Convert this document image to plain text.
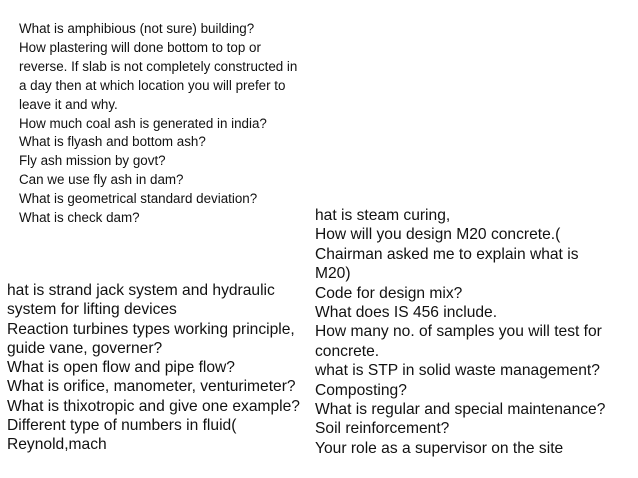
What is amphibious (not sure) building?
How plastering will done bottom to top or
reverse. If slab is not completely constructed in
a day then at which location you will prefer to
leave it and why.
How much coal ash is generated in india?
What is flyash and bottom ash?
Fly ash mission by govt?
Can we use fly ash in dam?
What is geometrical standard deviation?
What is check dam?
hat is strand jack system and hydraulic
system for lifting devices
Reaction turbines types working principle,
guide vane, governer?
What is open flow and pipe flow?
What is orifice, manometer, venturimeter?
What is thixotropic and give one example?
Different type of numbers in fluid(
Reynold,mach
hat is steam curing,
How will you design M20 concrete.(
Chairman asked me to explain what is
M20)
Code for design mix?
What does IS 456 include.
How many no. of samples you will test for
concrete.
what is STP in solid waste management?
Composting?
What is regular and special maintenance?
Soil reinforcement?
Your role as a supervisor on the site
